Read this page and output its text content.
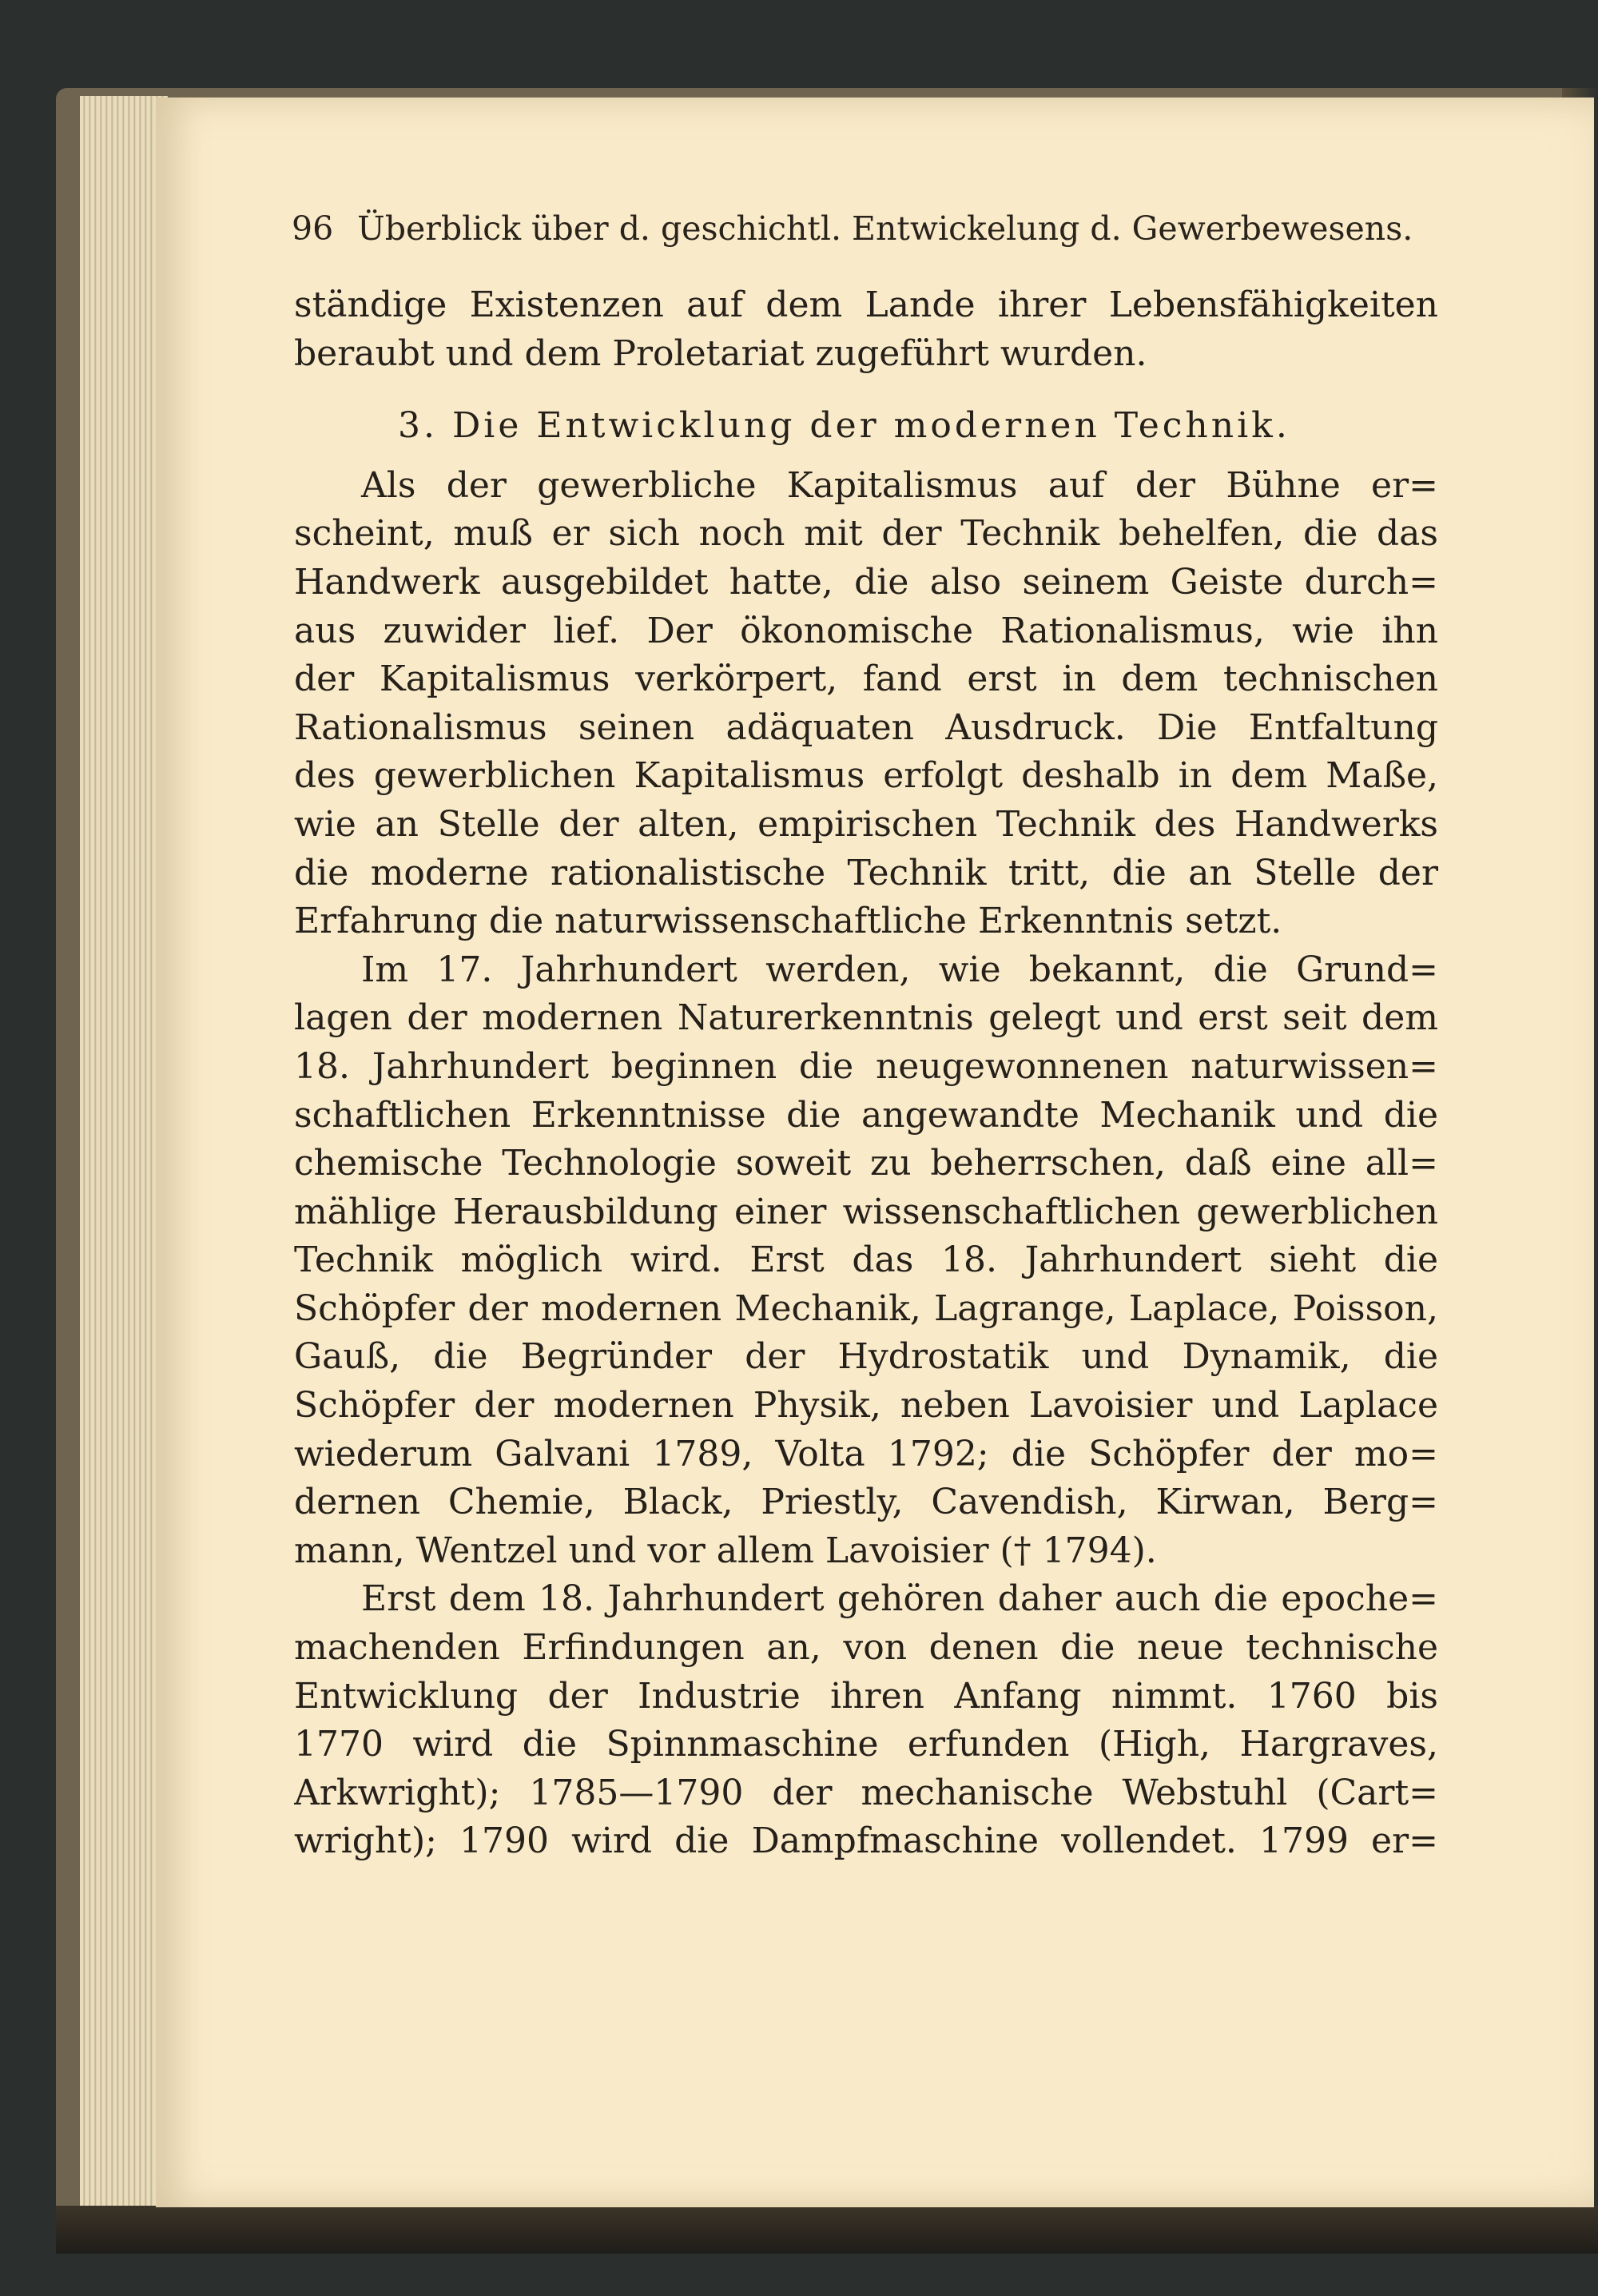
96 Überblick über d. geschichtl. Entwickelung d. Gewerbewesens.
ständige Existenzen auf dem Lande ihrer Lebensfähigkeiten
beraubt und dem Proletariat zugeführt wurden.
3. Die Entwicklung der modernen Technik.
Als der gewerbliche Kapitalismus auf der Bühne er=
scheint, muß er sich noch mit der Technik behelfen, die das
Handwerk ausgebildet hatte, die also seinem Geiste durch=
aus zuwider lief. Der ökonomische Rationalismus, wie ihn
der Kapitalismus verkörpert, fand erst in dem technischen
Rationalismus seinen adäquaten Ausdruck. Die Entfaltung
des gewerblichen Kapitalismus erfolgt deshalb in dem Maße,
wie an Stelle der alten, empirischen Technik des Handwerks
die moderne rationalistische Technik tritt, die an Stelle der
Erfahrung die naturwissenschaftliche Erkenntnis setzt.
Im 17. Jahrhundert werden, wie bekannt, die Grund=
lagen der modernen Naturerkenntnis gelegt und erst seit dem
18. Jahrhundert beginnen die neugewonnenen naturwissen=
schaftlichen Erkenntnisse die angewandte Mechanik und die
chemische Technologie soweit zu beherrschen, daß eine all=
mählige Herausbildung einer wissenschaftlichen gewerblichen
Technik möglich wird. Erst das 18. Jahrhundert sieht die
Schöpfer der modernen Mechanik, Lagrange, Laplace, Poisson,
Gauß, die Begründer der Hydrostatik und Dynamik, die
Schöpfer der modernen Physik, neben Lavoisier und Laplace
wiederum Galvani 1789, Volta 1792; die Schöpfer der mo=
dernen Chemie, Black, Priestly, Cavendish, Kirwan, Berg=
mann, Wentzel und vor allem Lavoisier († 1794).
Erst dem 18. Jahrhundert gehören daher auch die epoche=
machenden Erfindungen an, von denen die neue technische
Entwicklung der Industrie ihren Anfang nimmt. 1760 bis
1770 wird die Spinnmaschine erfunden (High, Hargraves,
Arkwright); 1785—1790 der mechanische Webstuhl (Cart=
wright); 1790 wird die Dampfmaschine vollendet. 1799 er=
